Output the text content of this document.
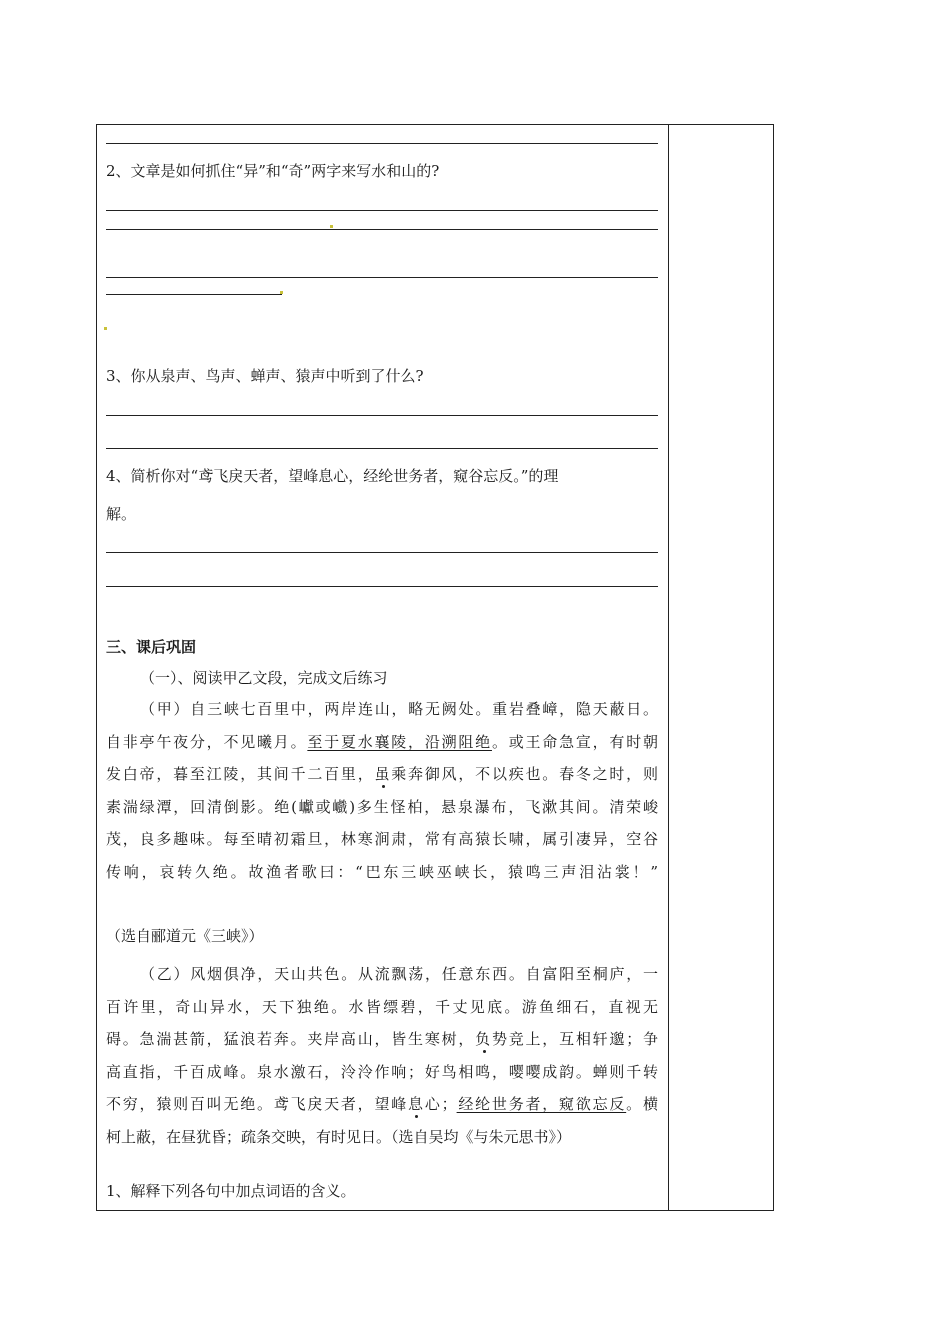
2、文章是如何抓住“异”和“奇”两字来写水和山的?
3、你从泉声、鸟声、蝉声、猿声中听到了什么?
4、简析你对“鸢飞戾天者，望峰息心，经纶世务者，窥谷忘反。”的理
解。
三、课后巩固
（一）、阅读甲乙文段，完成文后练习
（甲）自三峡七百里中，两岸连山，略无阙处。重岩叠嶂，隐天蔽日。
自非亭午夜分，不见曦月。至于夏水襄陵，沿溯阻绝。或王命急宣，有时朝
发白帝，暮至江陵，其间千二百里，虽乘奔御风，不以疾也。春冬之时，则
素湍绿潭，回清倒影。绝(巘或巇)多生怪柏，悬泉瀑布，飞漱其间。清荣峻
茂，良多趣味。每至晴初霜旦，林寒涧肃，常有高猿长啸，属引凄异，空谷
传响，哀转久绝。故渔者歌曰：“巴东三峡巫峡长，猿鸣三声泪沾裳！”
（选自郦道元《三峡》）
（乙）风烟俱净，天山共色。从流飘荡，任意东西。自富阳至桐庐，一
百许里，奇山异水，天下独绝。水皆缥碧，千丈见底。游鱼细石，直视无
碍。急湍甚箭，猛浪若奔。夹岸高山，皆生寒树，负势竞上，互相轩邈；争
高直指，千百成峰。泉水激石，泠泠作响；好鸟相鸣，嘤嘤成韵。蝉则千转
不穷，猿则百叫无绝。鸢飞戾天者，望峰息心；经纶世务者，窥欲忘反。横
柯上蔽，在昼犹昏；疏条交映，有时见日。（选自吴均《与朱元思书》）
1、解释下列各句中加点词语的含义。
